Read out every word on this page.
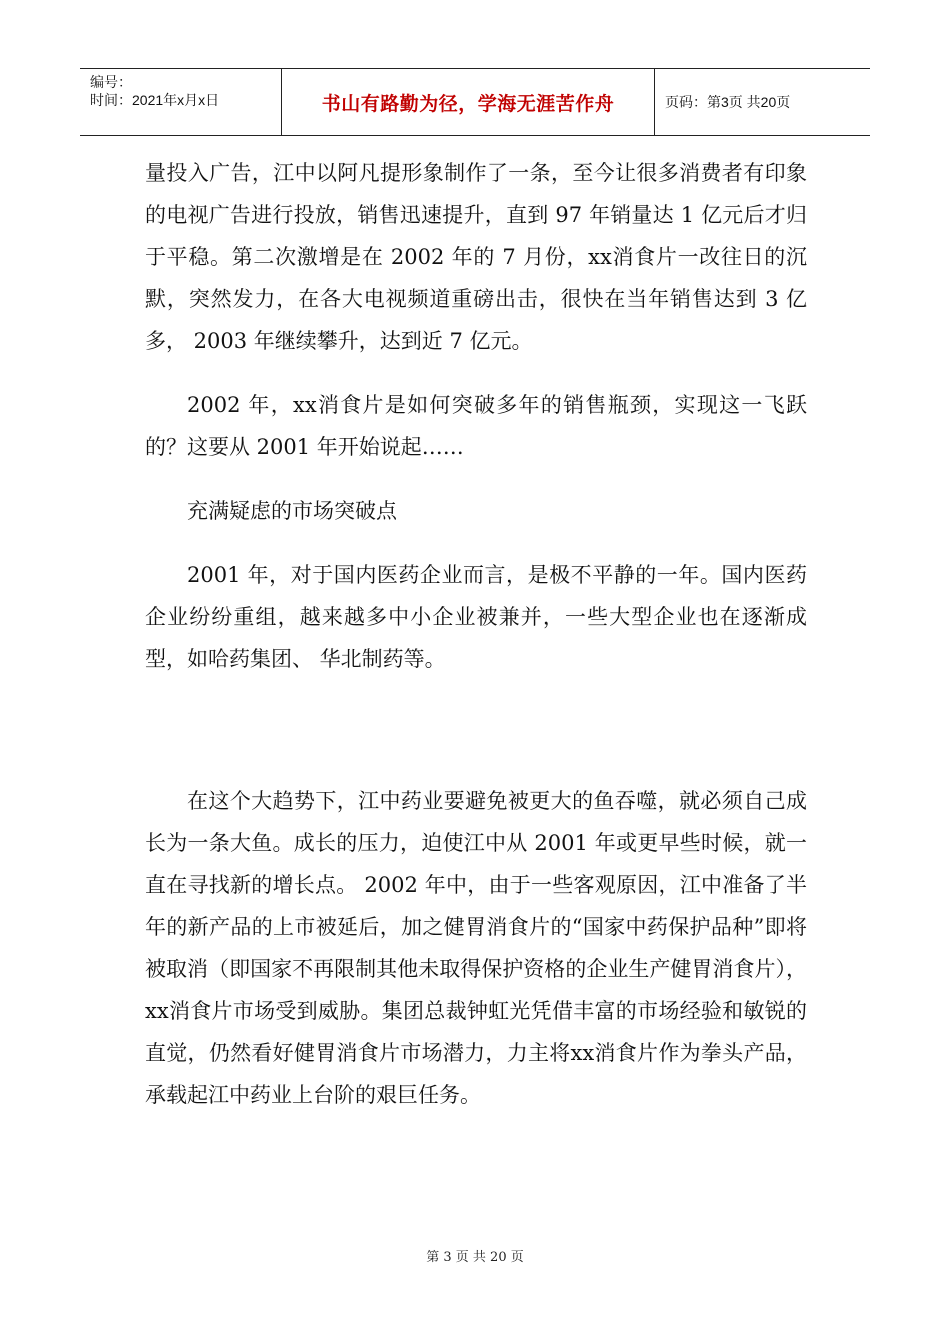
编号：
时间：2021年x月x日	书山有路勤为径，学海无涯苦作舟	页码：第3页 共20页

量投入广告，江中以阿凡提形象制作了一条，至今让很多消费者有印象的电视广告进行投放，销售迅速提升，直到 97 年销量达 1 亿元后才归于平稳。第二次激增是在 2002 年的 7 月份，xx消食片一改往日的沉默，突然发力，在各大电视频道重磅出击，很快在当年销售达到 3 亿多， 2003 年继续攀升，达到近 7 亿元。

2002 年，xx消食片是如何突破多年的销售瓶颈，实现这一飞跃的？这要从 2001 年开始说起……

充满疑虑的市场突破点

2001 年，对于国内医药企业而言，是极不平静的一年。国内医药企业纷纷重组，越来越多中小企业被兼并，一些大型企业也在逐渐成型，如哈药集团、 华北制药等。

在这个大趋势下，江中药业要避免被更大的鱼吞噬，就必须自己成长为一条大鱼。成长的压力，迫使江中从 2001 年或更早些时候，就一直在寻找新的增长点。 2002 年中，由于一些客观原因，江中准备了半年的新产品的上市被延后，加之健胃消食片的“国家中药保护品种”即将被取消（即国家不再限制其他未取得保护资格的企业生产健胃消食片），xx消食片市场受到威胁。集团总裁钟虹光凭借丰富的市场经验和敏锐的直觉，仍然看好健胃消食片市场潜力，力主将xx消食片作为拳头产品，承载起江中药业上台阶的艰巨任务。

第 3 页 共 20 页
